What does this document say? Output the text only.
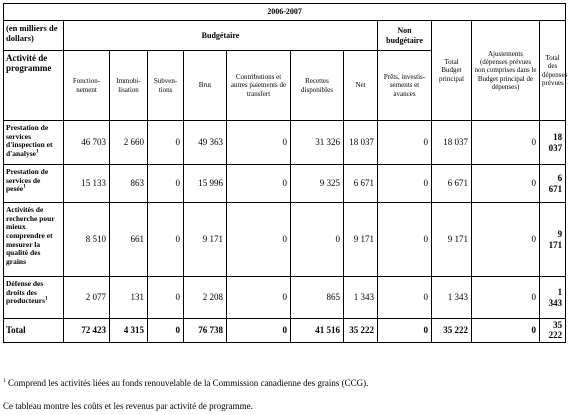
2006-2007											
(en milliers de dollars)	Budgétaire							Non budgétaire	Total Budget principal	Ajustements (dépenses prévues non comprises dans le Budget principal de dépenses)	Total des dépenses prévues
Activité de programme	Fonction-nement	Immobi-lisation	Subven-tions	Brut	Contributions et autres paiements de transfert	Recettes disponibles	Net	Prêts, investis-sements et avances			
Prestation de services d'inspection et d'analyse$^1$	46 703	2 660	0	49 363	0	31 326	18 037	0	18 037	0	18 037
Prestation de services de pesée$^1$	15 133	863	0	15 996	0	9 325	6 671	0	6 671	0	6 671
Activités de recherche pour mieux comprendre et mesurer la qualité des grains	8 510	661	0	9 171	0	0	9 171	0	9 171	0	9 171
Défense des droits des producteurs$^1$	2 077	131	0	2 208	0	865	1 343	0	1 343	0	1 343
Total	72 423	4 315	0	76 738	0	41 516	35 222	0	35 222	0	35 222
$^1$ Comprend les activités liées au fonds renouvelable de la Commission canadienne des grains (CCG).
Ce tableau montre les coûts et les revenus par activité de programme.
